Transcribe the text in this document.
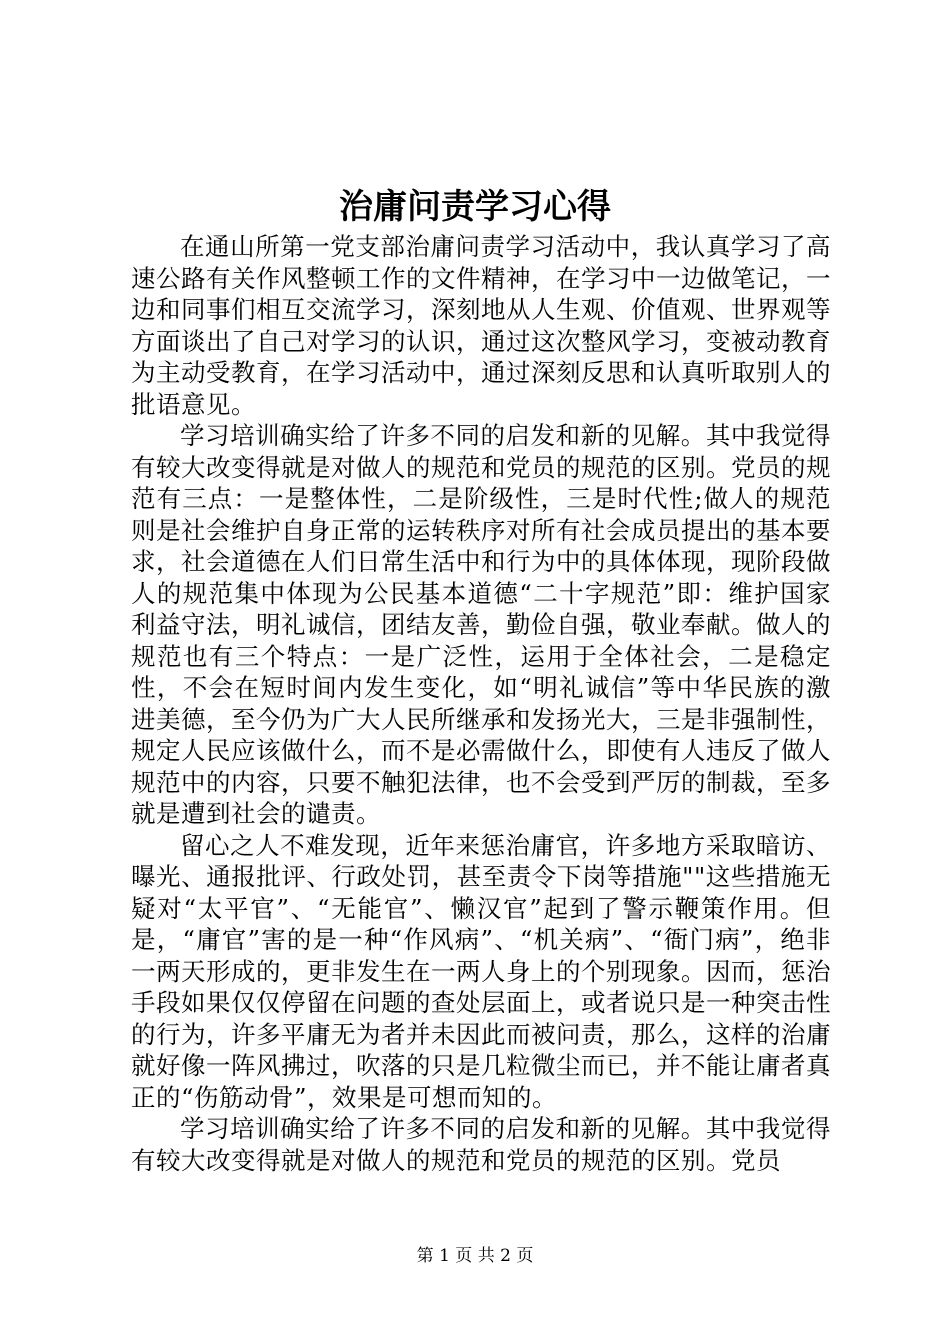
治庸问责学习心得

在通山所第一党支部治庸问责学习活动中，我认真学习了高速公路有关作风整顿工作的文件精神，在学习中一边做笔记，一边和同事们相互交流学习，深刻地从人生观、价值观、世界观等方面谈出了自己对学习的认识，通过这次整风学习，变被动教育为主动受教育，在学习活动中，通过深刻反思和认真听取别人的批语意见。

学习培训确实给了许多不同的启发和新的见解。其中我觉得有较大改变得就是对做人的规范和党员的规范的区别。党员的规范有三点：一是整体性，二是阶级性，三是时代性;做人的规范则是社会维护自身正常的运转秩序对所有社会成员提出的基本要求，社会道德在人们日常生活中和行为中的具体体现，现阶段做人的规范集中体现为公民基本道德“二十字规范”即：维护国家利益守法，明礼诚信，团结友善，勤俭自强，敬业奉献。做人的规范也有三个特点：一是广泛性，运用于全体社会，二是稳定性，不会在短时间内发生变化，如“明礼诚信”等中华民族的激进美德，至今仍为广大人民所继承和发扬光大，三是非强制性，规定人民应该做什么，而不是必需做什么，即使有人违反了做人规范中的内容，只要不触犯法律，也不会受到严厉的制裁，至多就是遭到社会的谴责。

留心之人不难发现，近年来惩治庸官，许多地方采取暗访、曝光、通报批评、行政处罚，甚至责令下岗等措施""这些措施无疑对“太平官”、“无能官”、懒汉官”起到了警示鞭策作用。但是，“庸官”害的是一种“作风病”、“机关病”、“衙门病”，绝非一两天形成的，更非发生在一两人身上的个别现象。因而，惩治手段如果仅仅停留在问题的查处层面上，或者说只是一种突击性的行为，许多平庸无为者并未因此而被问责，那么，这样的治庸就好像一阵风拂过，吹落的只是几粒微尘而已，并不能让庸者真正的“伤筋动骨”，效果是可想而知的。

学习培训确实给了许多不同的启发和新的见解。其中我觉得有较大改变得就是对做人的规范和党员的规范的区别。党员

第 1 页 共 2 页
